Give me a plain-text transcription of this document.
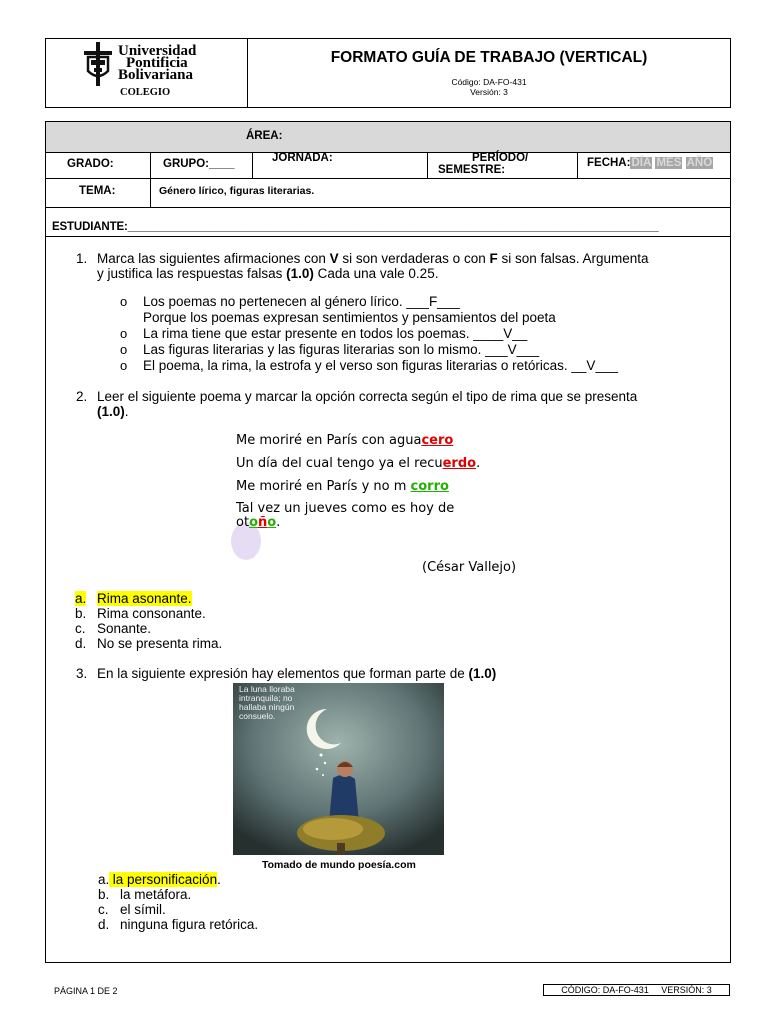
Universidad
Pontificia
Bolivariana
COLEGIO
FORMATO GUÍA DE TRABAJO (VERTICAL)
Código: DA-FO-431
Versión: 3
ÁREA:
GRADO:	GRUPO:____	JORNADA:	PERÍODO/
SEMESTRE:
FECHA:DÍA MES AÑO
TEMA:	Género lírico, figuras literarias.
ESTUDIANTE:_____________________________________________________________________________________
1. Marca las siguientes afirmaciones con V si son verdaderas o con F si son falsas. Argumenta
y justifica las respuestas falsas (1.0) Cada una vale 0.25.
o Los poemas no pertenecen al género lírico. ___F___
Porque los poemas expresan sentimientos y pensamientos del poeta
o La rima tiene que estar presente en todos los poemas. ____V__
o Las figuras literarias y las figuras literarias son lo mismo. ___V___
o El poema, la rima, la estrofa y el verso son figuras literarias o retóricas. __V___
2. Leer el siguiente poema y marcar la opción correcta según el tipo de rima que se presenta
(1.0).
Me moriré en París con aguacero
Un día del cual tengo ya el recuerdo.
Me moriré en París y no m corro
Tal vez un jueves como es hoy de
otoño.
(César Vallejo)
a. Rima asonante.
b. Rima consonante.
c. Sonante.
d. No se presenta rima.
3. En la siguiente expresión hay elementos que forman parte de (1.0)
La luna lloraba
intranquila; no
hallaba ningún
consuelo.
Tomado de mundo poesía.com
a. la personificación.
b. la metáfora.
c. el símil.
d. ninguna figura retórica.
PÁGINA 1 DE 2	CÓDIGO: DA-FO-431     VERSIÓN: 3
